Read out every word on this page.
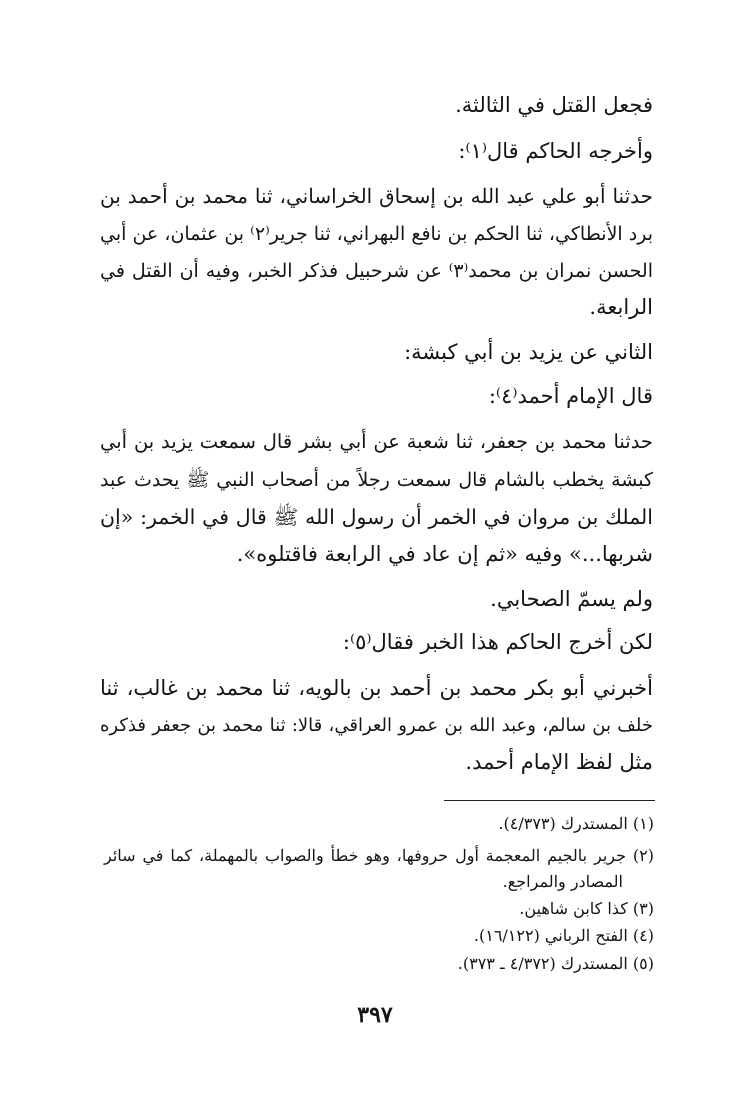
فجعل القتل في الثالثة.
وأخرجه الحاكم قال⁽١⁾:
حدثنا أبو علي عبد الله بن إسحاق الخراساني، ثنا محمد بن أحمد بن
برد الأنطاكي، ثنا الحكم بن نافع البهراني، ثنا جرير⁽٢⁾ بن عثمان، عن أبي
الحسن نمران بن محمد⁽٣⁾ عن شرحبيل فذكر الخبر، وفيه أن القتل في
الرابعة.
الثاني عن يزيد بن أبي كبشة:
قال الإمام أحمد⁽٤⁾:
حدثنا محمد بن جعفر، ثنا شعبة عن أبي بشر قال سمعت يزيد بن أبي
كبشة يخطب بالشام قال سمعت رجلاً من أصحاب النبي ﷺ يحدث عبد
الملك بن مروان في الخمر أن رسول الله ﷺ قال في الخمر: «إن
شربها...» وفيه «ثم إن عاد في الرابعة فاقتلوه».
ولم يسمّ الصحابي.
لكن أخرج الحاكم هذا الخبر فقال⁽٥⁾:
أخبرني أبو بكر محمد بن أحمد بن بالويه، ثنا محمد بن غالب، ثنا
خلف بن سالم، وعبد الله بن عمرو العراقي، قالا: ثنا محمد بن جعفر فذكره
مثل لفظ الإمام أحمد.
(١) المستدرك (٤/٣٧٣).
(٢) جرير بالجيم المعجمة أول حروفها، وهو خطأ والصواب بالمهملة، كما في سائر
المصادر والمراجع.
(٣) كذا كابن شاهين.
(٤) الفتح الرباني (١٦/١٢٢).
(٥) المستدرك (٤/٣٧٢ ـ ٣٧٣).
٣٩٧
